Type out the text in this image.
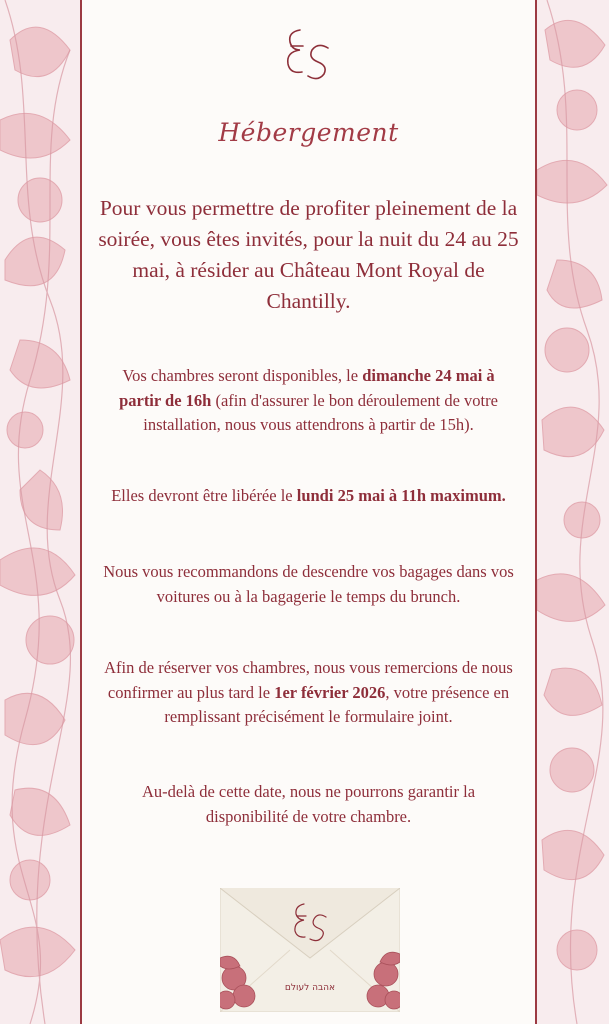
Hébergement
Pour vous permettre de profiter pleinement de la soirée, vous êtes invités, pour la nuit du 24 au 25 mai, à résider au Château Mont Royal de Chantilly.
Vos chambres seront disponibles, le dimanche 24 mai à partir de 16h (afin d'assurer le bon déroulement de votre installation, nous vous attendrons à partir de 15h).
Elles devront être libérée le lundi 25 mai à 11h maximum.
Nous vous recommandons de descendre vos bagages dans vos voitures ou à la bagagerie le temps du brunch.
Afin de réserver vos chambres, nous vous remercions de nous confirmer au plus tard le 1er février 2026, votre présence en remplissant précisément le formulaire joint.
Au-delà de cette date, nous ne pourrons garantir la disponibilité de votre chambre.
אהבה לעולם
